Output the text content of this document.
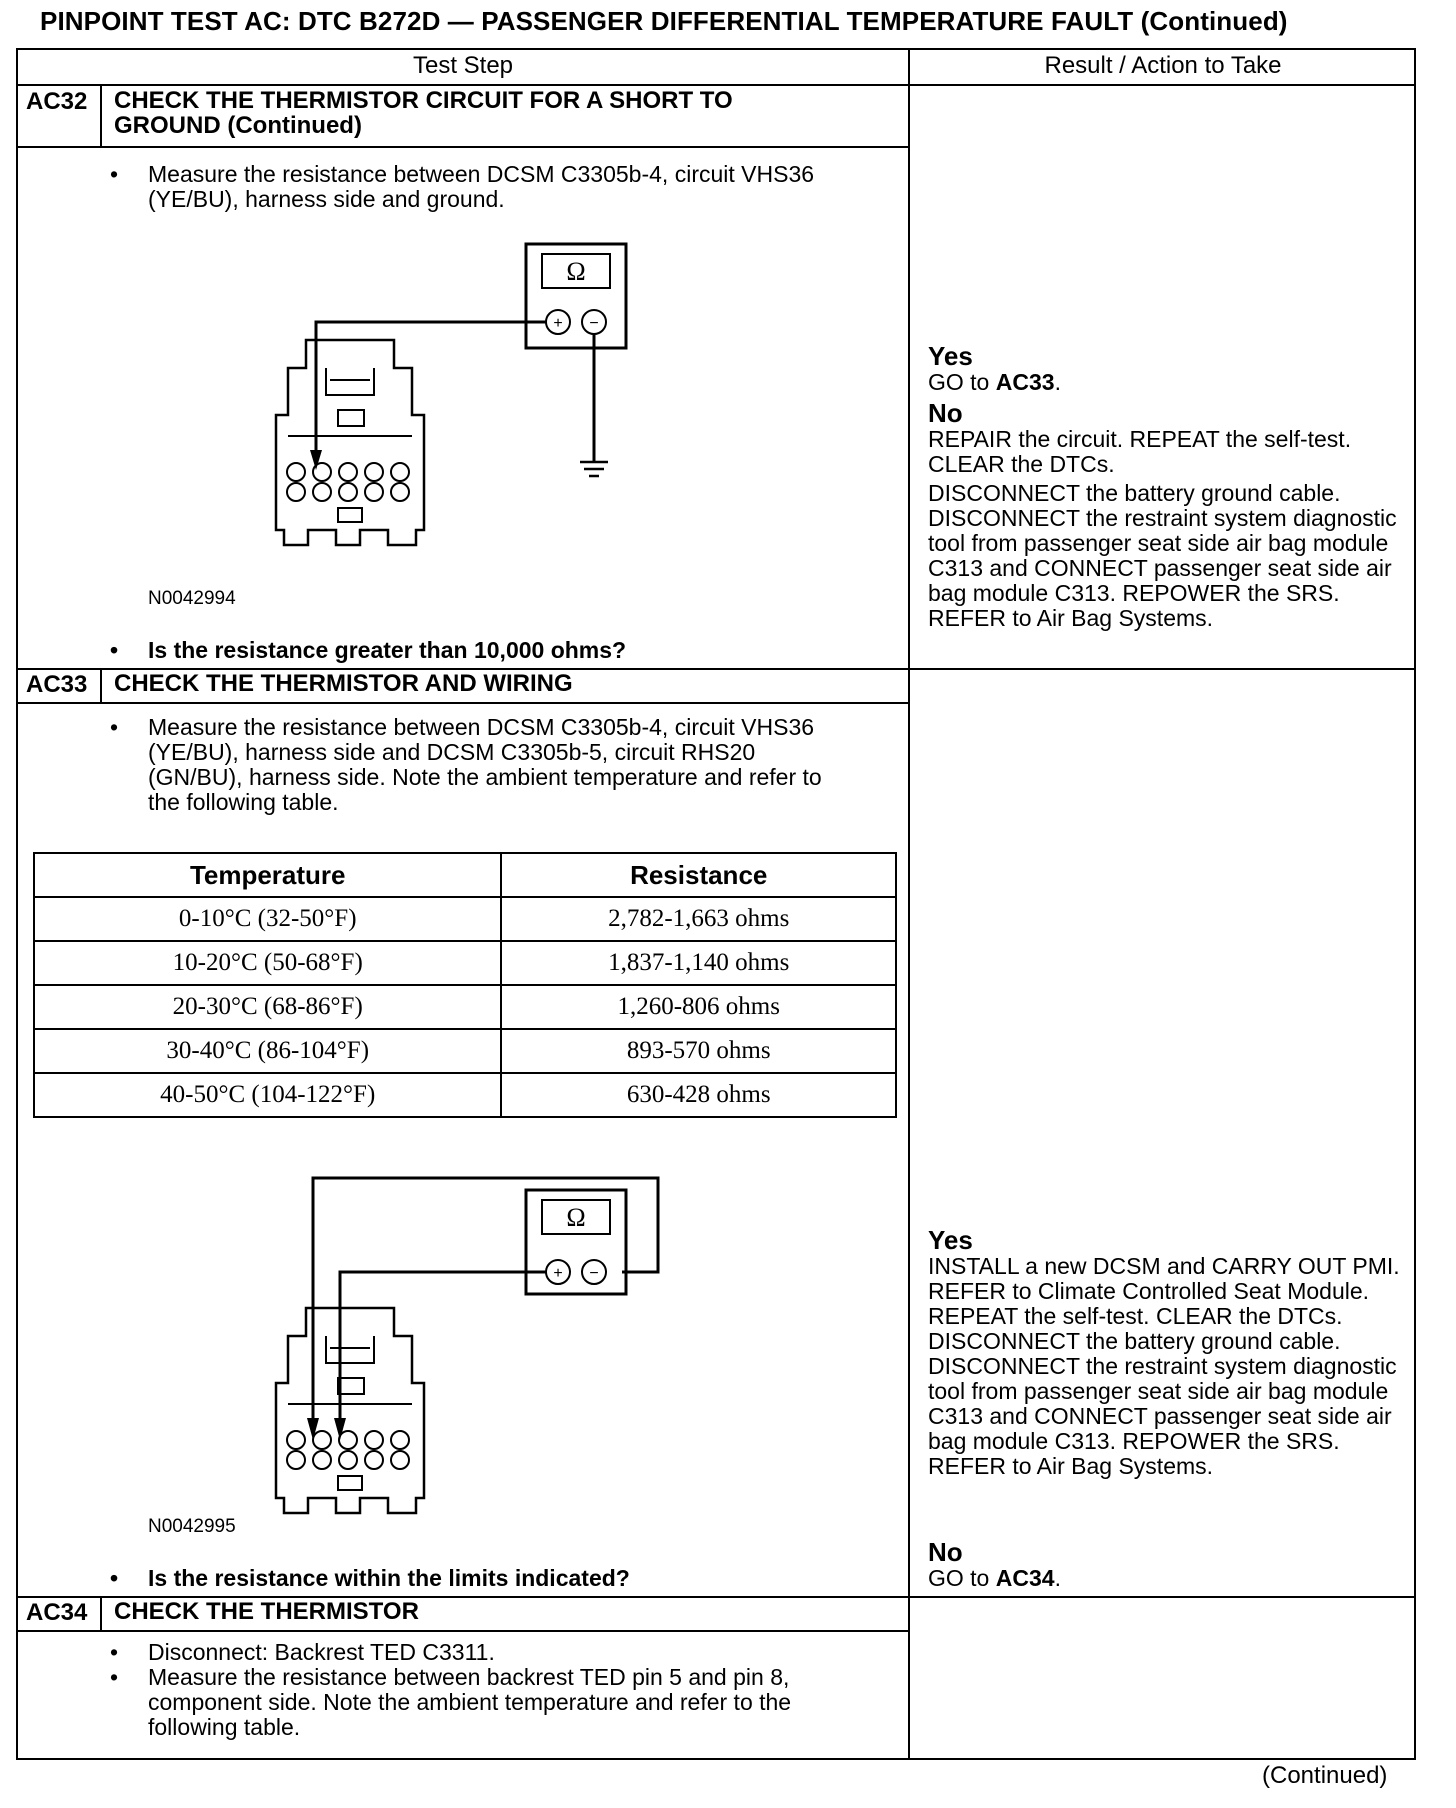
PINPOINT TEST AC: DTC B272D — PASSENGER DIFFERENTIAL TEMPERATURE FAULT (Continued)
Test Step	Result / Action to Take
AC32 CHECK THE THERMISTOR CIRCUIT FOR A SHORT TO GROUND (Continued)
• Measure the resistance between DCSM C3305b-4, circuit VHS36 (YE/BU), harness side and ground.
Ω
+ −
N0042994
• Is the resistance greater than 10,000 ohms?
Yes
GO to AC33.
No
REPAIR the circuit. REPEAT the self-test. CLEAR the DTCs.
DISCONNECT the battery ground cable. DISCONNECT the restraint system diagnostic tool from passenger seat side air bag module C313 and CONNECT passenger seat side air bag module C313. REPOWER the SRS. REFER to Air Bag Systems.
AC33 CHECK THE THERMISTOR AND WIRING
• Measure the resistance between DCSM C3305b-4, circuit VHS36 (YE/BU), harness side and DCSM C3305b-5, circuit RHS20 (GN/BU), harness side. Note the ambient temperature and refer to the following table.
Temperature	Resistance
0-10°C (32-50°F)	2,782-1,663 ohms
10-20°C (50-68°F)	1,837-1,140 ohms
20-30°C (68-86°F)	1,260-806 ohms
30-40°C (86-104°F)	893-570 ohms
40-50°C (104-122°F)	630-428 ohms
Ω
+ −
N0042995
• Is the resistance within the limits indicated?
Yes
INSTALL a new DCSM and CARRY OUT PMI. REFER to Climate Controlled Seat Module. REPEAT the self-test. CLEAR the DTCs. DISCONNECT the battery ground cable. DISCONNECT the restraint system diagnostic tool from passenger seat side air bag module C313 and CONNECT passenger seat side air bag module C313. REPOWER the SRS. REFER to Air Bag Systems.
No
GO to AC34.
AC34 CHECK THE THERMISTOR
• Disconnect: Backrest TED C3311.
• Measure the resistance between backrest TED pin 5 and pin 8, component side. Note the ambient temperature and refer to the following table.
(Continued)
